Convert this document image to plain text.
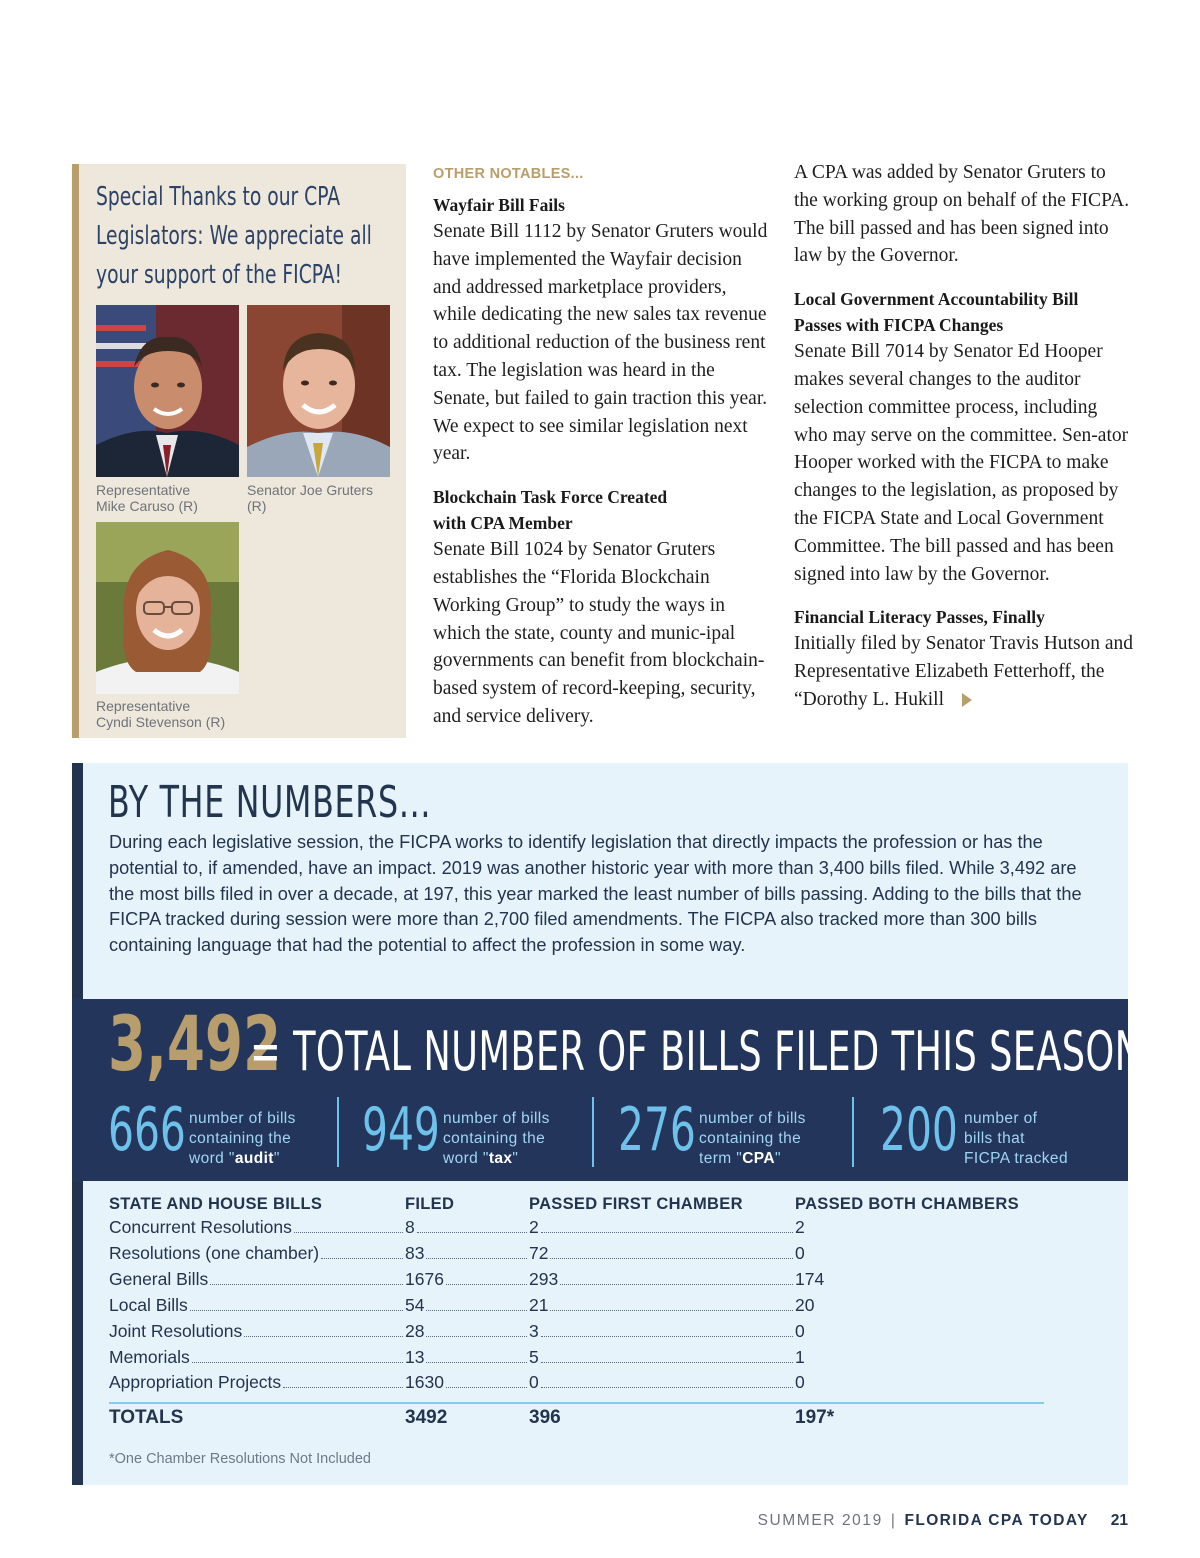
Special Thanks to our CPA Legislators: We appreciate all your support of the FICPA!
Representative
Mike Caruso (R)
Senator Joe Gruters
(R)
Representative
Cyndi Stevenson (R)
OTHER NOTABLES...
Wayfair Bill Fails

Senate Bill 1112 by Senator Gruters would have implemented the Wayfair decision and addressed marketplace providers, while dedicating the new sales tax revenue to additional reduction of the business rent tax. The legislation was heard in the Senate, but failed to gain traction this year. We expect to see similar legislation next year.

Blockchain Task Force Created
with CPA Member

Senate Bill 1024 by Senator Gruters establishes the “Florida Blockchain Working Group” to study the ways in which the state, county and munic-ipal governments can benefit from blockchain-based system of record-keeping, security, and service delivery.

A CPA was added by Senator Gruters to the working group on behalf of the FICPA. The bill passed and has been signed into law by the Governor.

Local Government Accountability Bill
Passes with FICPA Changes

Senate Bill 7014 by Senator Ed Hooper makes several changes to the auditor selection committee process, including who may serve on the committee. Sen-ator Hooper worked with the FICPA to make changes to the legislation, as proposed by the FICPA State and Local Government Committee. The bill passed and has been signed into law by the Governor.

Financial Literacy Passes, Finally

Initially filed by Senator Travis Hutson and Representative Elizabeth Fetterhoff, the “Dorothy L. Hukill

BY THE NUMBERS...
During each legislative session, the FICPA works to identify legislation that directly impacts the profession or has the potential to, if amended, have an impact. 2019 was another historic year with more than 3,400 bills filed. While 3,492 are the most bills filed in over a decade, at 197, this year marked the least number of bills passing. Adding to the bills that the FICPA tracked during session were more than 2,700 filed amendments. The FICPA also tracked more than 300 bills containing language that had the potential to affect the profession in some way.
3,492
= TOTAL NUMBER OF BILLS FILED THIS SEASON
666 number of bills
containing the
word "audit" 949 number of bills
containing the
word "tax"	276 number of bills
containing the
term "CPA"	200 number of
bills that
FICPA tracked
STATE AND HOUSE BILLS	FILED	PASSED FIRST CHAMBER	PASSED BOTH CHAMBERS
Concurrent Resolutions	8	2	2
Resolutions (one chamber)	83	72	0
General Bills	1676	293	174
Local Bills	54	21	20
Joint Resolutions	28	3	0
Memorials	13	5	1
Appropriation Projects	1630	0	0
TOTALS	3492	396	197*
*One Chamber Resolutions Not Included
SUMMER 2019 | FLORIDA CPA TODAY 21
